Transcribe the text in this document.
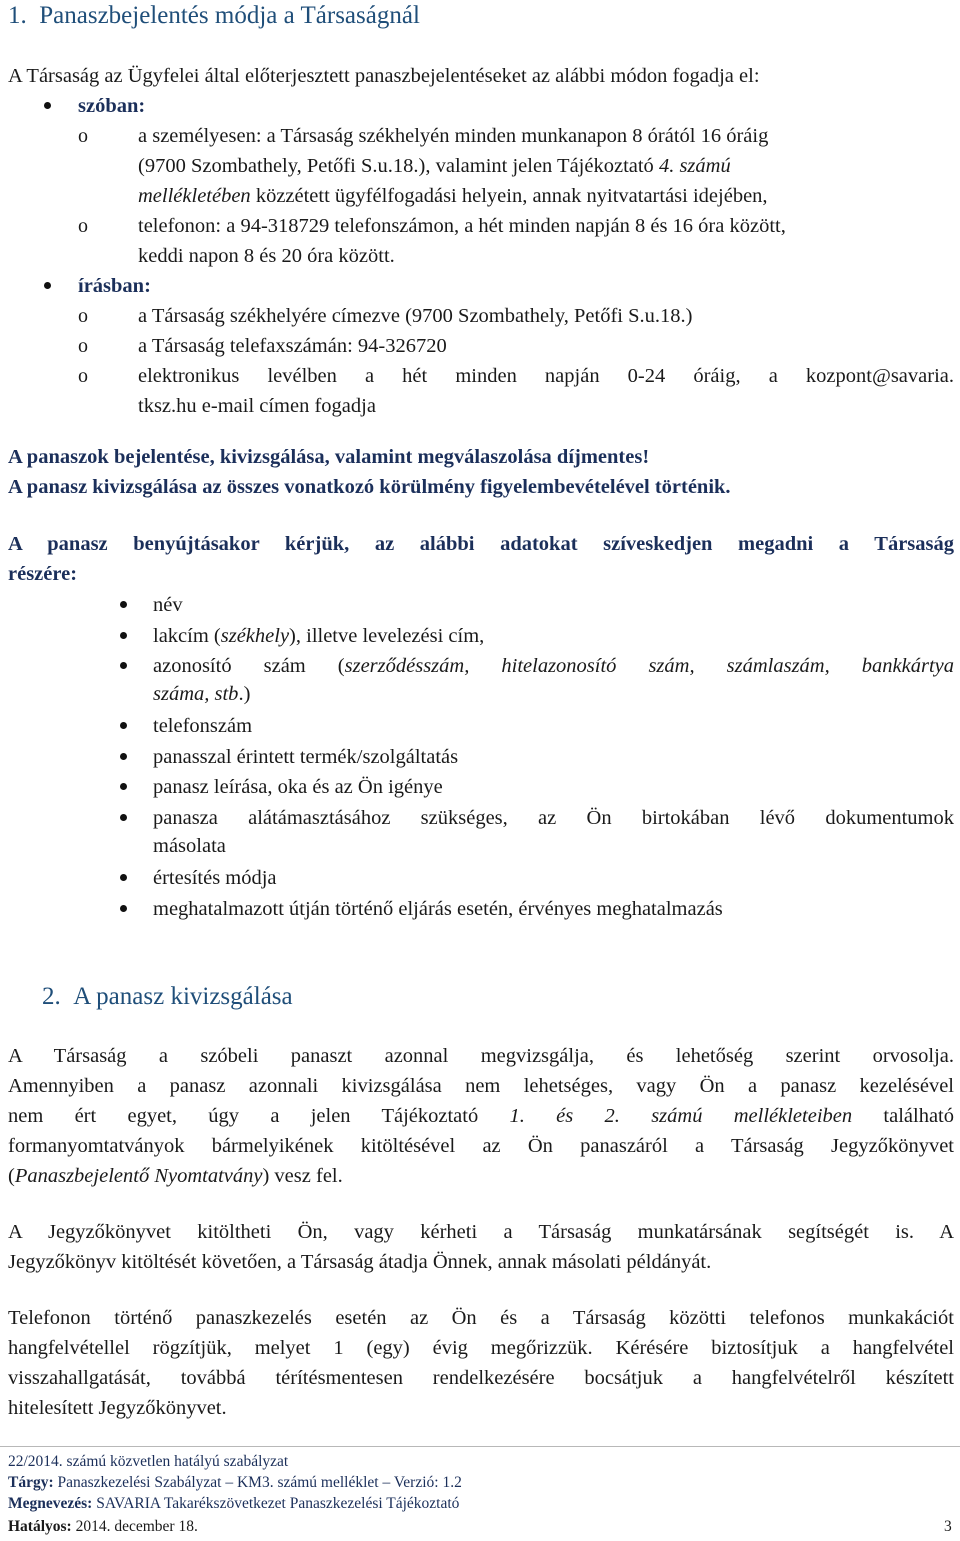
1. Panaszbejelentés módja a Társaságnál
A Társaság az Ügyfelei által előterjesztett panaszbejelentéseket az alábbi módon fogadja el:
szóban:
o a személyesen: a Társaság székhelyén minden munkanapon 8 órától 16 óráig
(9700 Szombathely, Petőfi S.u.18.), valamint jelen Tájékoztató 4. számú
mellékletében közzétett ügyfélfogadási helyein, annak nyitvatartási idejében,
o telefonon: a 94-318729 telefonszámon, a hét minden napján 8 és 16 óra között,
keddi napon 8 és 20 óra között.
írásban:
o a Társaság székhelyére címezve (9700 Szombathely, Petőfi S.u.18.)
o a Társaság telefaxszámán: 94-326720
o elektronikus levélben a hét minden napján 0-24 óráig, a kozpont@savaria.
tksz.hu e-mail címen fogadja
A panaszok bejelentése, kivizsgálása, valamint megválaszolása díjmentes!
A panasz kivizsgálása az összes vonatkozó körülmény figyelembevételével történik.
A panasz benyújtásakor kérjük, az alábbi adatokat szíveskedjen megadni a Társaság
részére:
név
lakcím (székhely), illetve levelezési cím,
azonosító szám (szerződésszám, hitelazonosító szám, számlaszám, bankkártya
száma, stb.)
telefonszám
panasszal érintett termék/szolgáltatás
panasz leírása, oka és az Ön igénye
panasza alátámasztásához szükséges, az Ön birtokában lévő dokumentumok
másolata
értesítés módja
meghatalmazott útján történő eljárás esetén, érvényes meghatalmazás
2. A panasz kivizsgálása
A Társaság a szóbeli panaszt azonnal megvizsgálja, és lehetőség szerint orvosolja.
Amennyiben a panasz azonnali kivizsgálása nem lehetséges, vagy Ön a panasz kezelésével
nem ért egyet, úgy a jelen Tájékoztató 1. és 2. számú mellékleteiben található
formanyomtatványok bármelyikének kitöltésével az Ön panaszáról a Társaság Jegyzőkönyvet
(Panaszbejelentő Nyomtatvány) vesz fel.
A Jegyzőkönyvet kitöltheti Ön, vagy kérheti a Társaság munkatársának segítségét is. A
Jegyzőkönyv kitöltését követően, a Társaság átadja Önnek, annak másolati példányát.
Telefonon történő panaszkezelés esetén az Ön és a Társaság közötti telefonos munkakációt
hangfelvétellel rögzítjük, melyet 1 (egy) évig megőrizzük. Kérésére biztosítjuk a hangfelvétel
visszahallgatását, továbbá térítésmentesen rendelkezésére bocsátjuk a hangfelvételről készített
hitelesített Jegyzőkönyvet.
22/2014. számú közvetlen hatályú szabályzat
Tárgy: Panaszkezelési Szabályzat – KM3. számú melléklet – Verzió: 1.2
Megnevezés: SAVARIA Takarékszövetkezet Panaszkezelési Tájékoztató
Hatályos: 2014. december 18.	3
